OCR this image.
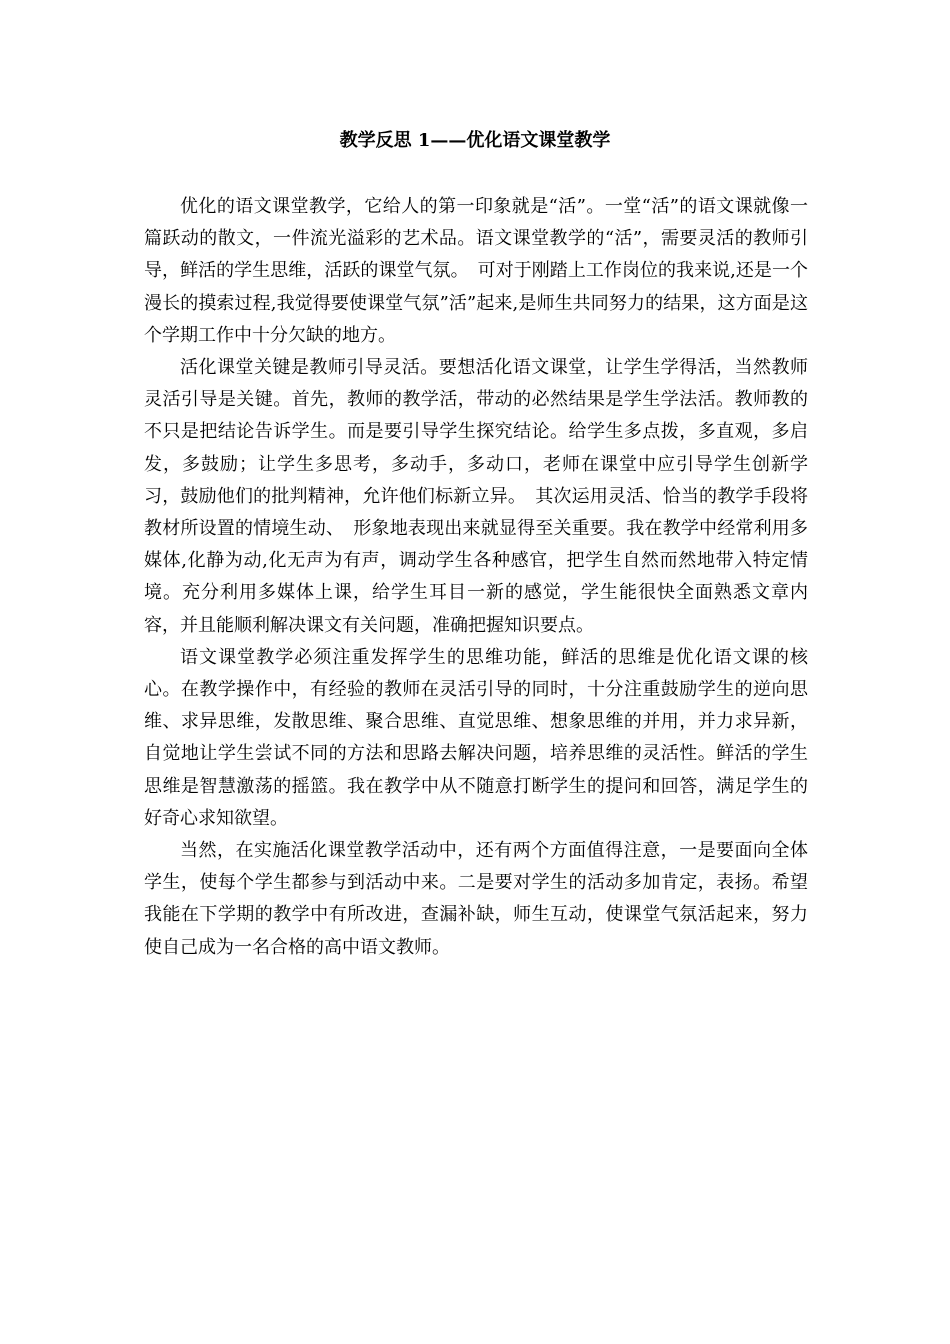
教学反思 1——优化语文课堂教学

优化的语文课堂教学，它给人的第一印象就是“活”。一堂“活”的语文课就像一篇跃动的散文，一件流光溢彩的艺术品。语文课堂教学的“活”，需要灵活的教师引导，鲜活的学生思维，活跃的课堂气氛。　可对于刚踏上工作岗位的我来说,还是一个漫长的摸索过程,我觉得要使课堂气氛”活”起来,是师生共同努力的结果，这方面是这个学期工作中十分欠缺的地方。

活化课堂关键是教师引导灵活。要想活化语文课堂，让学生学得活，当然教师灵活引导是关键。首先，教师的教学活，带动的必然结果是学生学法活。教师教的不只是把结论告诉学生。而是要引导学生探究结论。给学生多点拨，多直观，多启发，多鼓励；让学生多思考，多动手，多动口，老师在课堂中应引导学生创新学习，鼓励他们的批判精神，允许他们标新立异。　其次运用灵活、恰当的教学手段将教材所设置的情境生动、　形象地表现出来就显得至关重要。我在教学中经常利用多媒体,化静为动,化无声为有声，调动学生各种感官，把学生自然而然地带入特定情境。充分利用多媒体上课，给学生耳目一新的感觉，学生能很快全面熟悉文章内容，并且能顺利解决课文有关问题，准确把握知识要点。

语文课堂教学必须注重发挥学生的思维功能，鲜活的思维是优化语文课的核心。在教学操作中，有经验的教师在灵活引导的同时，十分注重鼓励学生的逆向思维、求异思维，发散思维、聚合思维、直觉思维、想象思维的并用，并力求异新，自觉地让学生尝试不同的方法和思路去解决问题，培养思维的灵活性。鲜活的学生思维是智慧激荡的摇篮。我在教学中从不随意打断学生的提问和回答，满足学生的好奇心求知欲望。

当然，在实施活化课堂教学活动中，还有两个方面值得注意，一是要面向全体学生，使每个学生都参与到活动中来。二是要对学生的活动多加肯定，表扬。希望我能在下学期的教学中有所改进，查漏补缺，师生互动，使课堂气氛活起来，努力使自己成为一名合格的高中语文教师。
